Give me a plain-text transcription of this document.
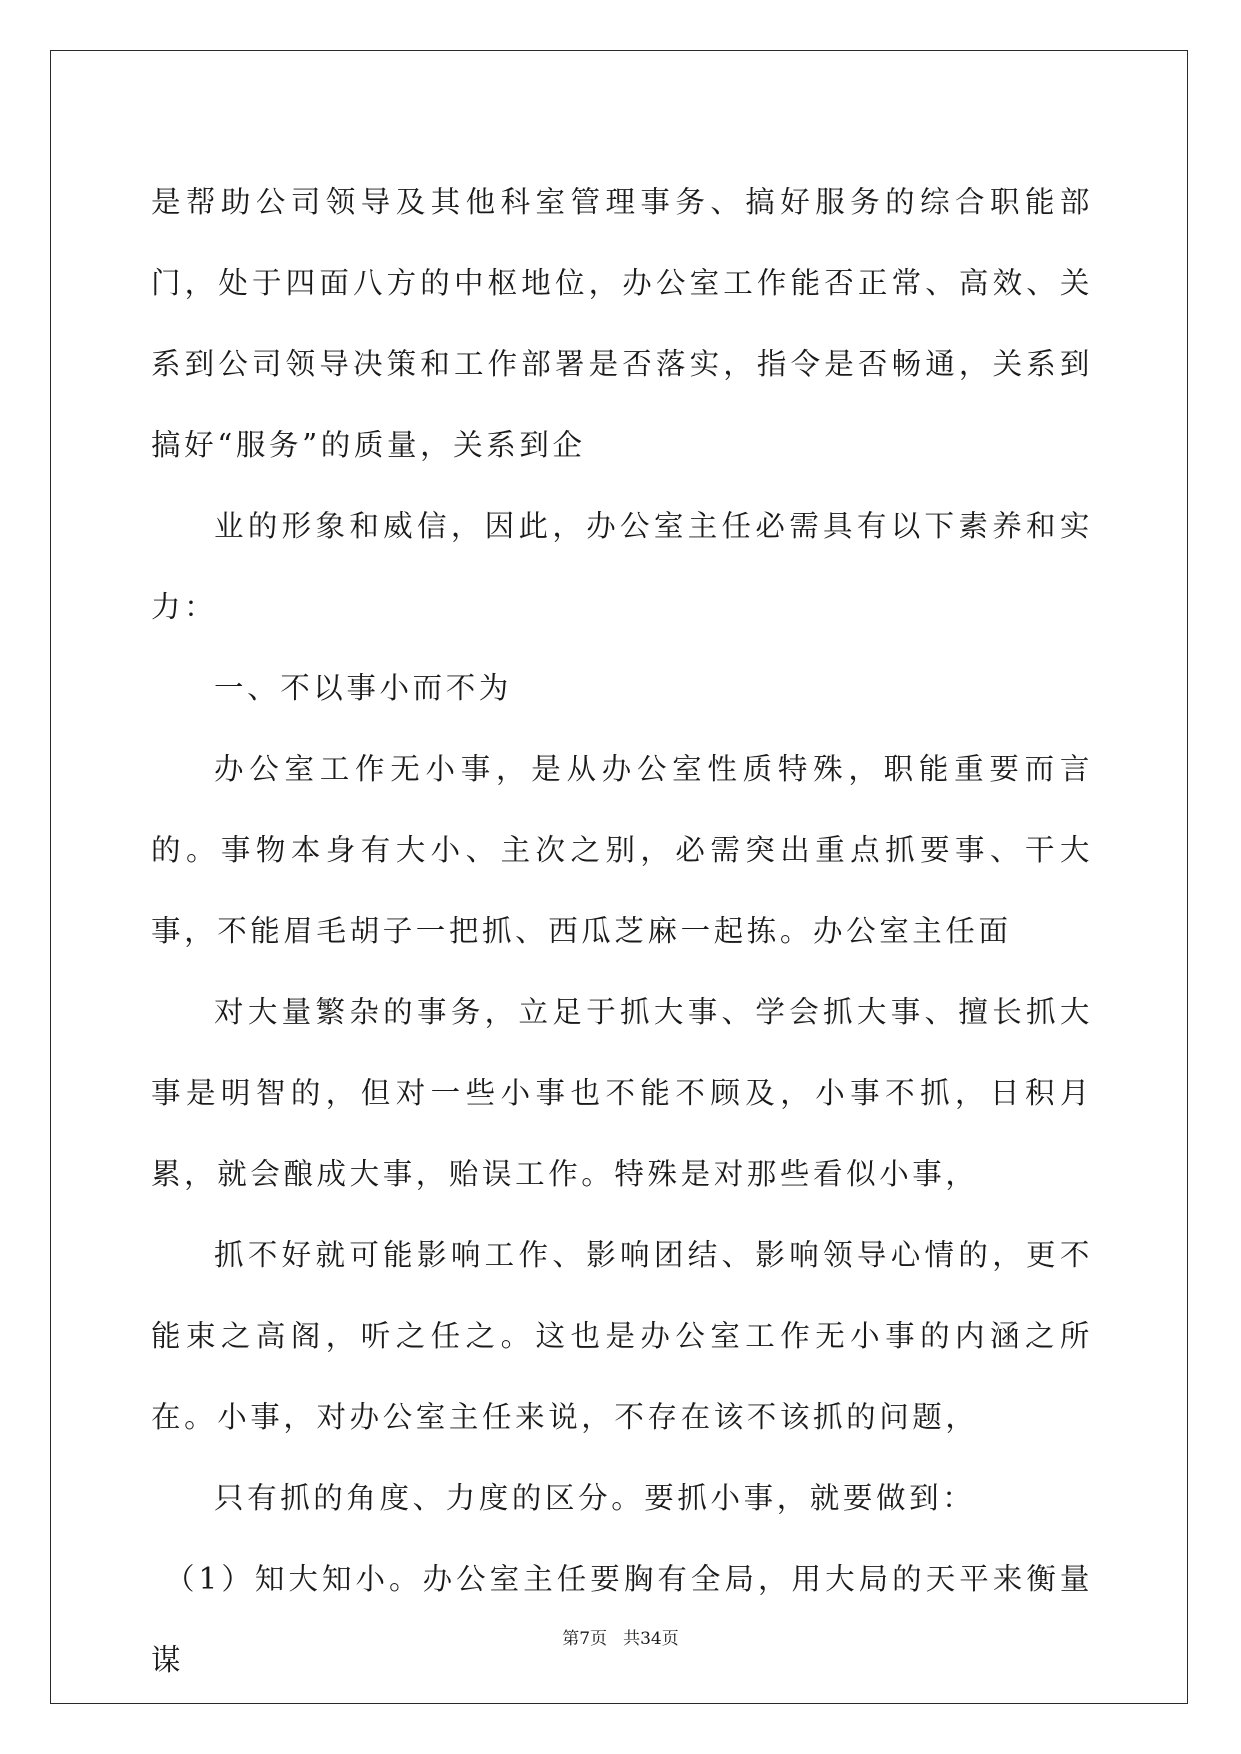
是帮助公司领导及其他科室管理事务、搞好服务的综合职能部门，处于四面八方的中枢地位，办公室工作能否正常、高效、关系到公司领导决策和工作部署是否落实，指令是否畅通，关系到搞好“服务”的质量，关系到企

业的形象和威信，因此，办公室主任必需具有以下素养和实力：

一、不以事小而不为

办公室工作无小事，是从办公室性质特殊，职能重要而言的。事物本身有大小、主次之别，必需突出重点抓要事、干大事，不能眉毛胡子一把抓、西瓜芝麻一起拣。办公室主任面

对大量繁杂的事务，立足于抓大事、学会抓大事、擅长抓大事是明智的，但对一些小事也不能不顾及，小事不抓，日积月累，就会酿成大事，贻误工作。特殊是对那些看似小事，

抓不好就可能影响工作、影响团结、影响领导心情的，更不能束之高阁，听之任之。这也是办公室工作无小事的内涵之所在。小事，对办公室主任来说，不存在该不该抓的问题，

只有抓的角度、力度的区分。要抓小事，就要做到：

（1）知大知小。办公室主任要胸有全局，用大局的天平来衡量谋

第7页 共34页
